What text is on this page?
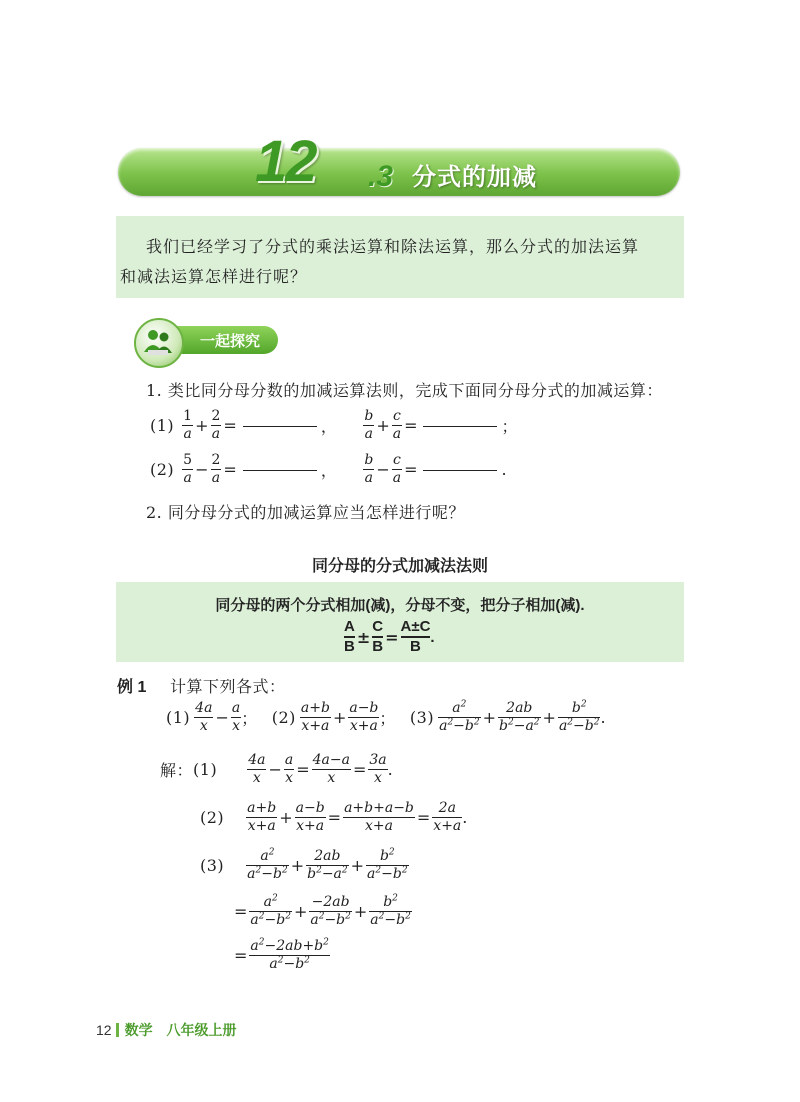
12 .3 分式的加减

我们已经学习了分式的乘法运算和除法运算，那么分式的加法运算

和减法运算怎样进行呢？

一起探究
1. 类比同分母分数的加减运算法则，完成下面同分母分式的加减运算：
$(1) \frac{1}{a} + \frac{2}{a}$ =	， $\frac{b}{a} + \frac{c}{a}$ =	；
$(2) \frac{5}{a} - \frac{2}{a}$ =	， $\frac{b}{a} - \frac{c}{a}$ =	.
2. 同分母分式的加减运算应当怎样进行呢？
同分母的分式加减法法则
同分母的两个分式相加(减)，分母不变，把分子相加(减).
A
$B \pm \frac{C}{B} = \frac{A\pm C}{B}$ .
例 1 计算下列各式：
$(1) \frac{4a}{x} - \frac{a}{x}$ ； $(2) \frac{a+b}{x+a} + \frac{a-b}{x+a}$ ； $(3) \frac{a^2}{a^2-b^2} + \frac{2ab}{b^2-a^2} + \frac{b^2}{a^2-b^2}$ .
解： $(1) \frac{4a}{x} - \frac{a}{x} = \frac{4a-a}{x} = \frac{3a}{x}$ .
$(2) \frac{a+b}{x+a} + \frac{a-b}{x+a} = \frac{a+b+a-b}{x+a} = \frac{2a}{x+a}$ .
$(3) \frac{a^2}{a^2-b^2} + \frac{2ab}{b^2-a^2} + \frac{b^2}{a^2-b^2}$
= $\frac{a^2}{a^2-b^2} + \frac{-2ab}{a^2-b^2} + \frac{b^2}{a^2-b^2}$
= $\frac{a^2-2ab+b^2}{a^2-b^2}$
12 数学 八年级上册
